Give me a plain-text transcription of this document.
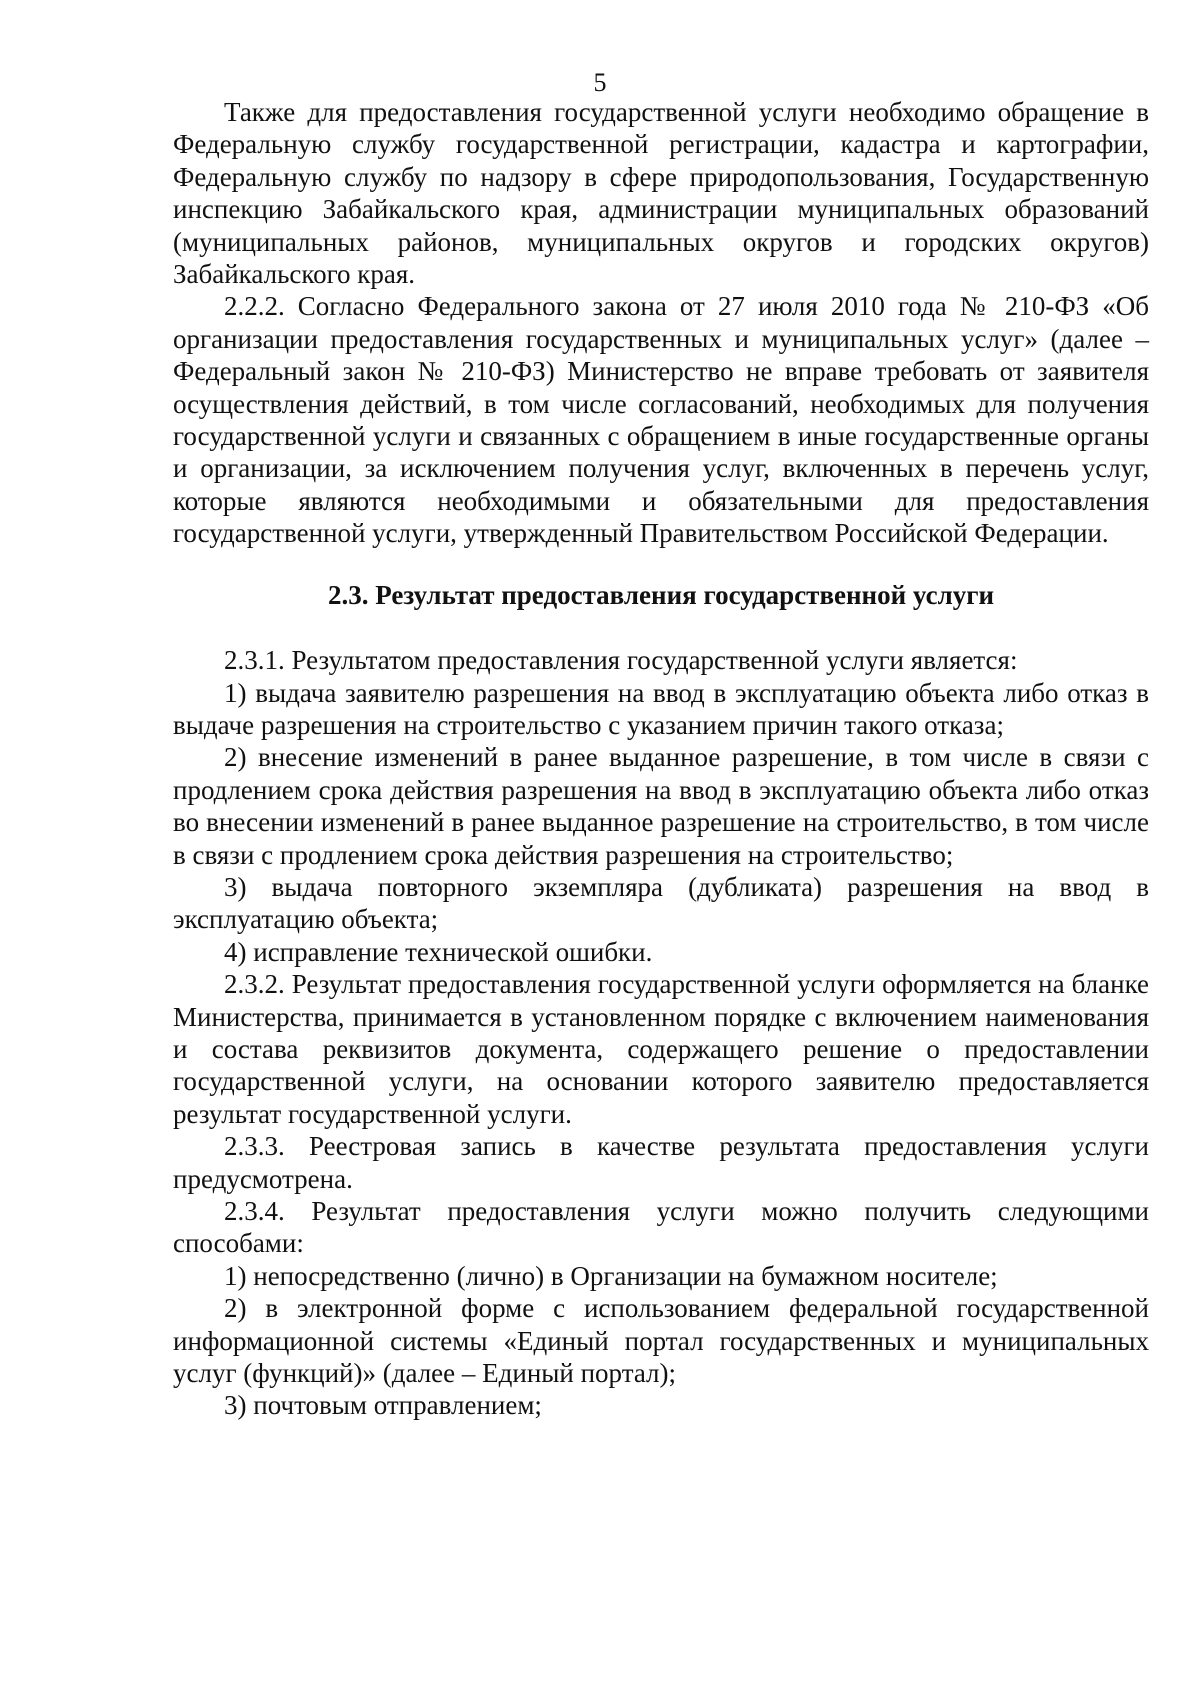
5

Также для предоставления государственной услуги необходимо обращение в Федеральную службу государственной регистрации, кадастра и картографии, Федеральную службу по надзору в сфере природопользования, Государственную инспекцию Забайкальского края, администрации муниципальных образований (муниципальных районов, муниципальных округов и городских округов) Забайкальского края.

2.2.2. Согласно Федерального закона от 27 июля 2010 года № 210-ФЗ «Об организации предоставления государственных и муниципальных услуг» (далее – Федеральный закон № 210-ФЗ) Министерство не вправе требовать от заявителя осуществления действий, в том числе согласований, необходимых для получения государственной услуги и связанных с обращением в иные государственные органы и организации, за исключением получения услуг, включенных в перечень услуг, которые являются необходимыми и обязательными для предоставления государственной услуги, утвержденный Правительством Российской Федерации.

2.3. Результат предоставления государственной услуги

2.3.1. Результатом предоставления государственной услуги является:

1) выдача заявителю разрешения на ввод в эксплуатацию объекта либо отказ в выдаче разрешения на строительство с указанием причин такого отказа;

2) внесение изменений в ранее выданное разрешение, в том числе в связи с продлением срока действия разрешения на ввод в эксплуатацию объекта либо отказ во внесении изменений в ранее выданное разрешение на строительство, в том числе в связи с продлением срока действия разрешения на строительство;

3) выдача повторного экземпляра (дубликата) разрешения на ввод в эксплуатацию объекта;

4) исправление технической ошибки.

2.3.2. Результат предоставления государственной услуги оформляется на бланке Министерства, принимается в установленном порядке с включением наименования и состава реквизитов документа, содержащего решение о предоставлении государственной услуги, на основании которого заявителю предоставляется результат государственной услуги.

2.3.3. Реестровая запись в качестве результата предоставления услуги предусмотрена.

2.3.4. Результат предоставления услуги можно получить следующими способами:

1) непосредственно (лично) в Организации на бумажном носителе;

2) в электронной форме с использованием федеральной государственной информационной системы «Единый портал государственных и муниципальных услуг (функций)» (далее – Единый портал);

3) почтовым отправлением;
